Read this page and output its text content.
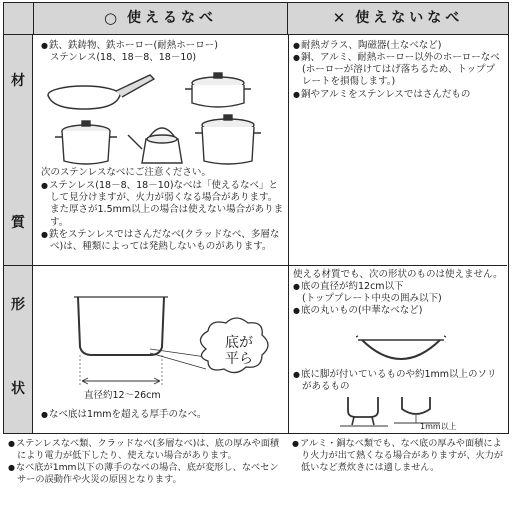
○ 使えるなべ	✕ 使えないなべ
材
質
形
状
● 鉄、鉄鋳物、鉄ホーロー(耐熱ホーロー)
ステンレス(18、18－8、18－10)
次のステンレスなべにご注意ください。
● ステンレス(18－8、18－10)なべは「使えるなべ」として見分けますが、火力が弱くなる場合があります。また厚さが1.5mm以上の場合は使えない場合があります。
● 鉄をステンレスではさんだなべ(クラッドなべ、多層なべ)は、種類によっては発熱しないものがあります。
● 耐熱ガラス、陶磁器(土なべなど)
● 銅、アルミ、耐熱ホーロー以外のホーローなべ(ホーローが溶けてはげ落ちるため、トッププレートを損傷します。)
● 銅やアルミをステンレスではさんだもの
底が
平ら
直径約12～26cm
● なべ底は1mmを超える厚手のなべ。
使える材質でも、次の形状のものは使えません。
● 底の直径が約12cm以下
(トッププレート中央の囲み以下)
● 底の丸いもの(中華なべなど)
● 底に脚が付いているものや約1mm以上のソリがあるもの
1mm以上
● ステンレスなべ類、クラッドなべ(多層なべ)は、底の厚みや面積により電力が低下したり、使えない場合があります。
● なべ底が1mm以下の薄手のなべの場合、底が変形し、なべセンサーの誤動作や火災の原因となります。
● アルミ・銅なべ類でも、なべ底の厚みや面積により火力が出て熱くなる場合がありますが、火力が低いなど煮炊きには適しません。
